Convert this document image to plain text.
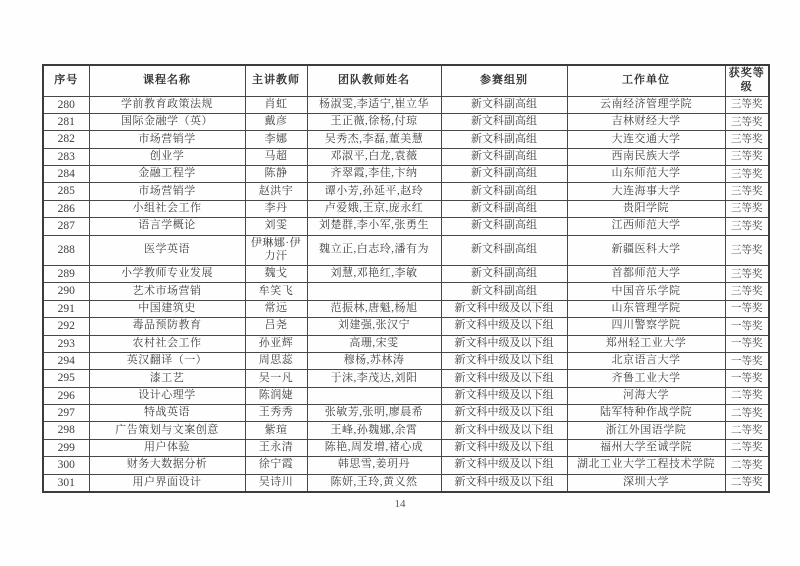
序号	课程名称	主讲教师	团队教师姓名	参赛组别	工作单位	获奖等级
280	学前教育政策法规	肖虹	杨淑雯,李适宁,崔立华	新文科副高组	云南经济管理学院	三等奖
281	国际金融学（英）	戴彦	王正薇,徐杨,付琼	新文科副高组	吉林财经大学	三等奖
282	市场营销学	李娜	吴秀杰,李磊,董美慧	新文科副高组	大连交通大学	三等奖
283	创业学	马超	邓淑平,白龙,袁薇	新文科副高组	西南民族大学	三等奖
284	金融工程学	陈静	齐翠霞,李佳,卞纳	新文科副高组	山东师范大学	三等奖
285	市场营销学	赵洪宇	谭小芳,孙延平,赵玲	新文科副高组	大连海事大学	三等奖
286	小组社会工作	李丹	卢爱娥,王京,庞永红	新文科副高组	贵阳学院	三等奖
287	语言学概论	刘雯	刘楚群,李小军,张勇生	新文科副高组	江西师范大学	三等奖
288	医学英语	伊琳娜·伊力汗	魏立正,白志玲,潘有为	新文科副高组	新疆医科大学	三等奖
289	小学教师专业发展	魏戈	刘慧,邓艳红,李敏	新文科副高组	首都师范大学	三等奖
290	艺术市场营销	牟笑飞		新文科副高组	中国音乐学院	三等奖
291	中国建筑史	常远	范振林,唐魁,杨旭	新文科中级及以下组	山东管理学院	一等奖
292	毒品预防教育	吕尧	刘建强,张汉宁	新文科中级及以下组	四川警察学院	一等奖
293	农村社会工作	孙亚辉	高珊,宋雯	新文科中级及以下组	郑州轻工业大学	一等奖
294	英汉翻译（一）	周思蕊	穆杨,苏林涛	新文科中级及以下组	北京语言大学	一等奖
295	漆工艺	吴一凡	于沫,李茂达,刘阳	新文科中级及以下组	齐鲁工业大学	一等奖
296	设计心理学	陈润婕		新文科中级及以下组	河海大学	二等奖
297	特战英语	王秀秀	张敏芳,张明,廖晨希	新文科中级及以下组	陆军特种作战学院	二等奖
298	广告策划与文案创意	紫瑄	王峰,孙魏娜,余霄	新文科中级及以下组	浙江外国语学院	二等奖
299	用户体验	王永清	陈艳,周发增,禇心成	新文科中级及以下组	福州大学至诚学院	二等奖
300	财务大数据分析	徐宁霞	韩思雪,姜玥丹	新文科中级及以下组	湖北工业大学工程技术学院	二等奖
301	用户界面设计	吴诗川	陈妍,王玲,黄义然	新文科中级及以下组	深圳大学	二等奖
14
